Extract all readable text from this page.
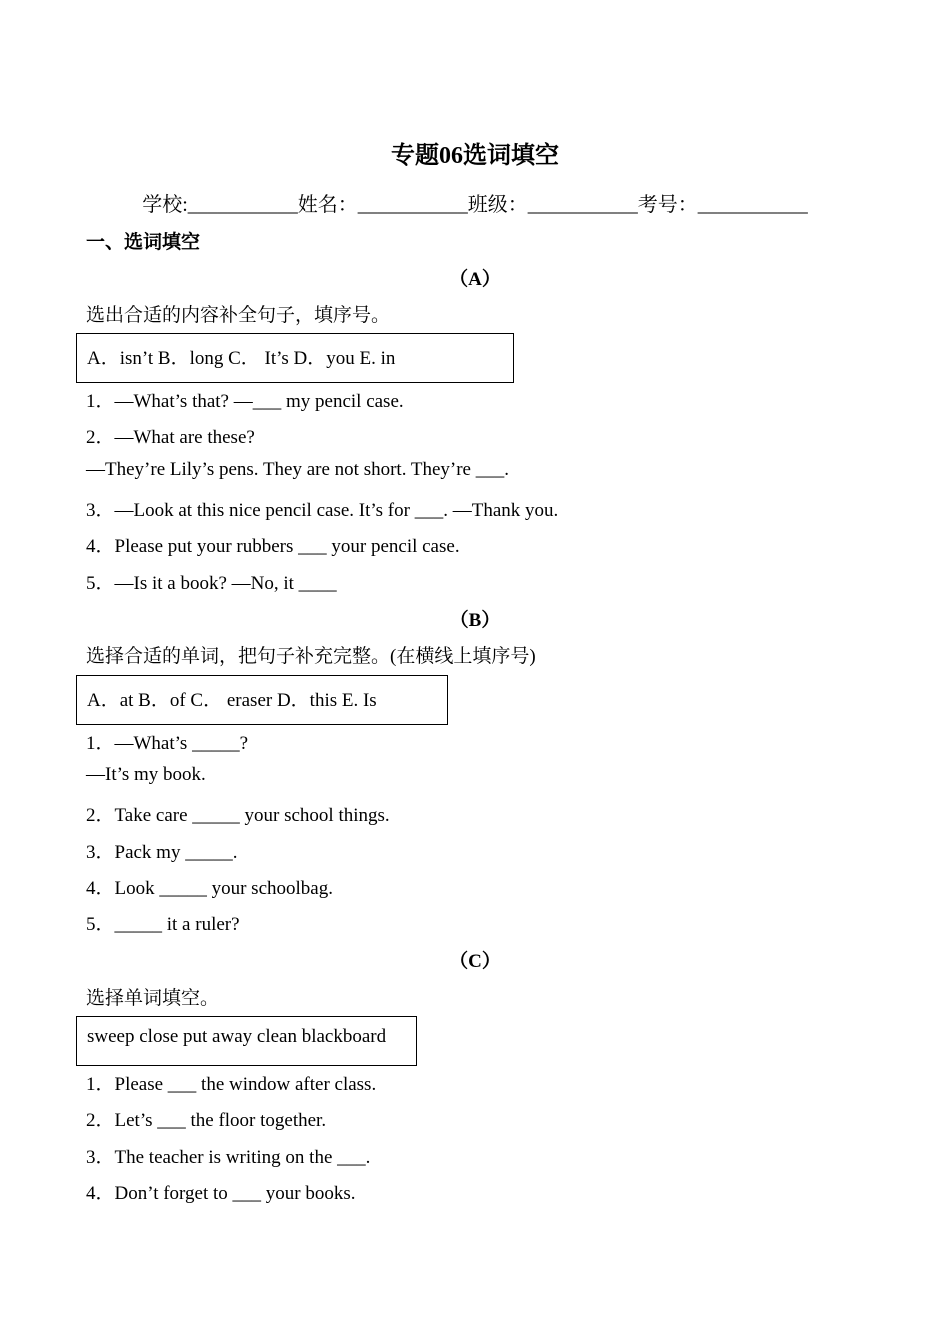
专题06选词填空
学校:___________姓名：___________班级：___________考号：___________
一、选词填空
（A）
选出合适的内容补全句子，填序号。
A．isn’t B．long C． It’s D．you E. in
1．—What’s that? —___ my pencil case.
2．—What are these?
—They’re Lily’s pens. They are not short. They’re ___.
3．—Look at this nice pencil case. It’s for ___. —Thank you.
4．Please put your rubbers ___ your pencil case.
5．—Is it a book? —No, it ____
（B）
选择合适的单词，把句子补充完整。(在横线上填序号)
A．at B．of C． eraser D．this E. Is
1．—What’s _____?
—It’s my book.
2．Take care _____ your school things.
3．Pack my _____.
4．Look _____ your schoolbag.
5．_____ it a ruler?
（C）
选择单词填空。
sweep close put away clean blackboard
1．Please ___ the window after class.
2．Let’s ___ the floor together.
3．The teacher is writing on the ___.
4．Don’t forget to ___ your books.
